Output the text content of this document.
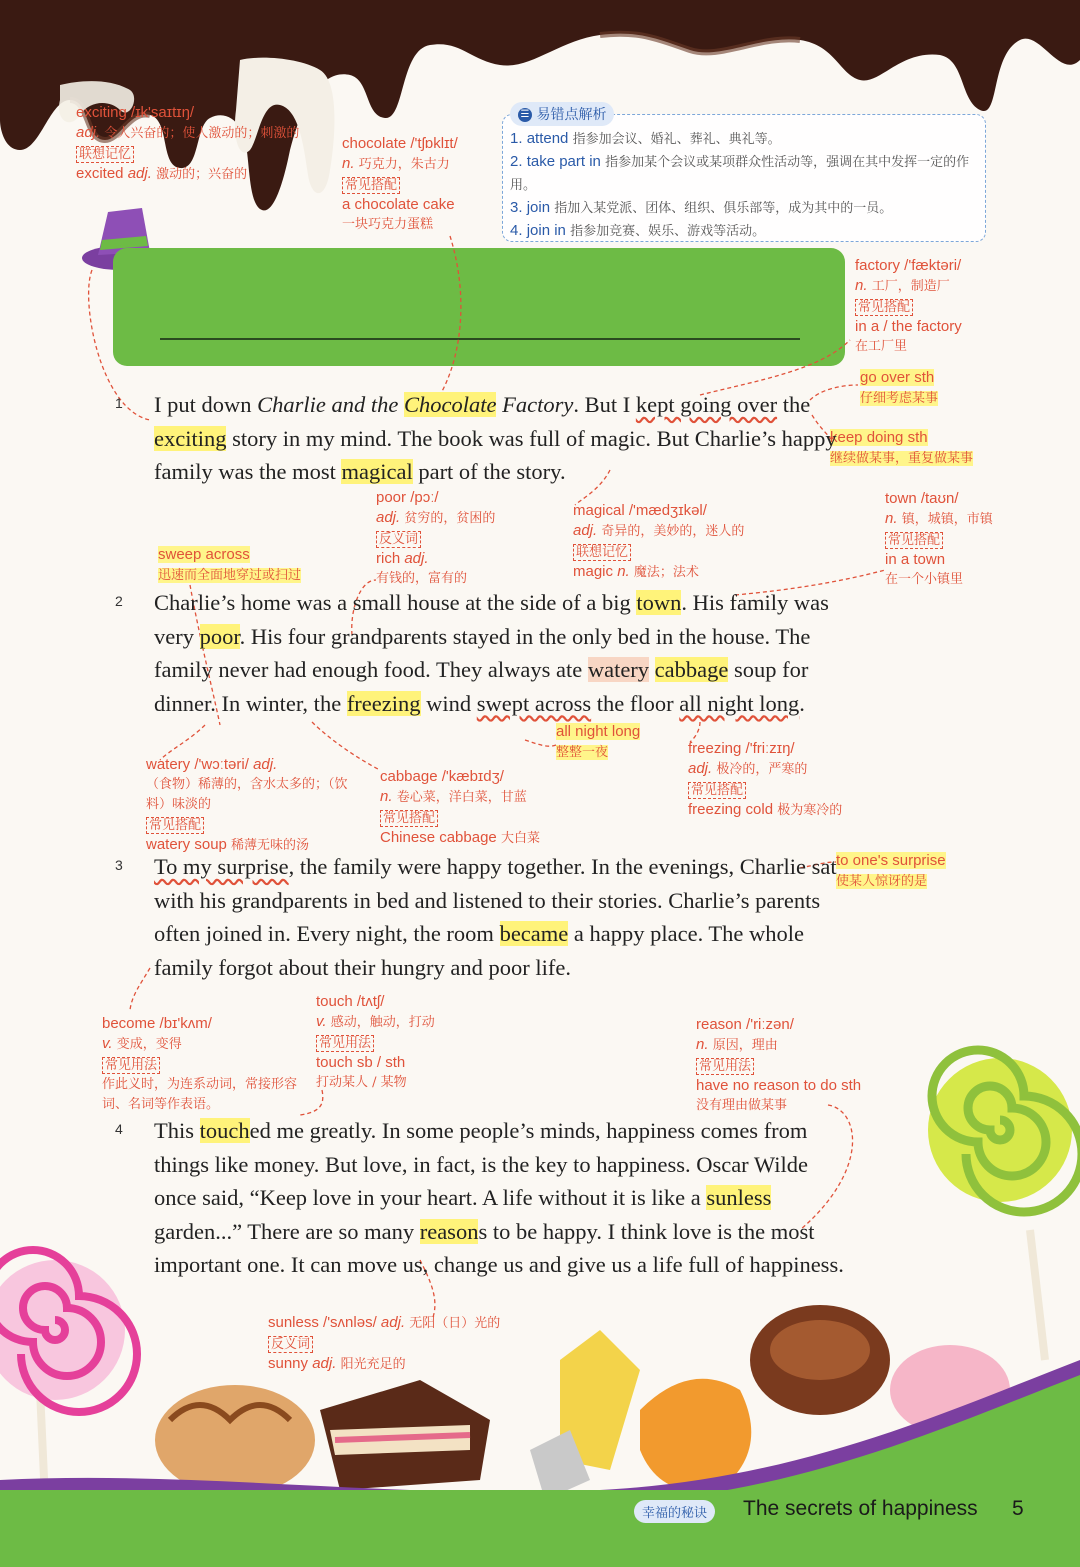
☰ 易错点解析
1. attend 指参加会议、婚礼、葬礼、典礼等。
2. take part in 指参加某个会议或某项群众性活动等，强调在其中发挥一定的作用。
3. join 指加入某党派、团体、组织、俱乐部等，成为其中的一员。
4. join in 指参加竞赛、娱乐、游戏等活动。
exciting /ɪk'saɪtɪŋ/
adj. 令人兴奋的；使人激动的；刺激的
联想记忆
excited adj. 激动的；兴奋的
chocolate /'tʃɒklɪt/
n. 巧克力，朱古力
常见搭配
a chocolate cake
一块巧克力蛋糕
factory /'fæktəri/
n. 工厂，制造厂
常见搭配
in a / the factory
在工厂里
go over sth
仔细考虑某事
keep doing sth
继续做某事，重复做某事
poor /pɔː/
adj. 贫穷的，贫困的
反义词
rich adj.
有钱的，富有的
magical /'mædʒɪkəl/
adj. 奇异的，美妙的，迷人的
联想记忆
magic n. 魔法；法术
town /taʊn/
n. 镇，城镇，市镇
常见搭配
in a town
在一个小镇里
sweep across
迅速而全面地穿过或扫过
all night long
整整一夜
watery /'wɔːtəri/ adj.
（食物）稀薄的，含水太多的；（饮料）味淡的
常见搭配
watery soup 稀薄无味的汤
cabbage /'kæbɪdʒ/
n. 卷心菜，洋白菜，甘蓝
常见搭配
Chinese cabbage 大白菜
freezing /'friːzɪŋ/
adj. 极冷的，严寒的
常见搭配
freezing cold 极为寒冷的
to one's surprise
使某人惊讶的是
become /bɪ'kʌm/
v. 变成，变得
常见用法
作此义时，为连系动词，常接形容词、名词等作表语。
touch /tʌtʃ/
v. 感动，触动，打动
常见用法
touch sb / sth
打动某人 / 某物
reason /'riːzən/
n. 原因，理由
常见用法
have no reason to do sth
没有理由做某事
sunless /'sʌnləs/ adj. 无阳（日）光的
反义词
sunny adj. 阳光充足的
1 I put down Charlie and the Chocolate Factory. But I kept going over the exciting story in my mind. The book was full of magic. But Charlie’s happy family was the most magical part of the story.
2 Charlie’s home was a small house at the side of a big town. His family was very poor. His four grandparents stayed in the only bed in the house. The family never had enough food. They always ate watery cabbage soup for dinner. In winter, the freezing wind swept across the floor all night long.
3 To my surprise, the family were happy together. In the evenings, Charlie sat with his grandparents in bed and listened to their stories. Charlie’s parents often joined in. Every night, the room became a happy place. The whole family forgot about their hungry and poor life.
4 This touched me greatly. In some people’s minds, happiness comes from things like money. But love, in fact, is the key to happiness. Oscar Wilde once said, “Keep love in your heart. A life without it is like a sunless garden...” There are so many reasons to be happy. I think love is the most important one. It can move us, change us and give us a life full of happiness.
幸福的秘诀	The secrets of happiness 5
